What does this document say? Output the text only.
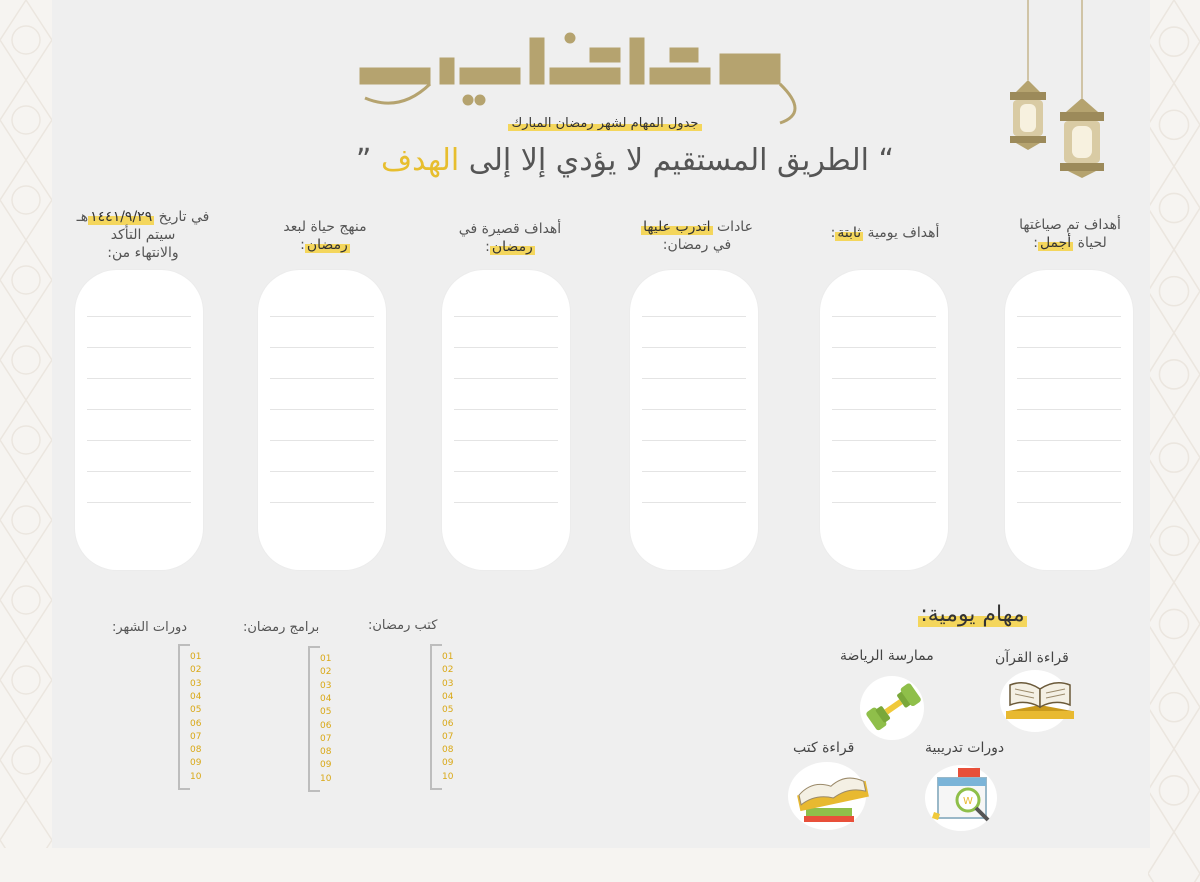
جدول المهام لشهر رمضان المبارك
“ الطريق المستقيم لا يؤدي إلا إلى الهدف ”
أهداف تم صياغتها
لحياة أجمل:
أهداف يومية ثابتة:
عادات اتدرب عليها
في رمضان:
أهداف قصيرة في
رمضان:
منهج حياة لبعد
رمضان:
في تاريخ ١٤٤١/٩/٢٩هـ
سيتم التأكد
والانتهاء من:
كتب رمضان:
برامج رمضان:
دورات الشهر:
01
02
03
04
05
06
07
08
09
10
01
02
03
04
05
06
07
08
09
10
01
02
03
04
05
06
07
08
09
10
مهام يومية:
قراءة القرآن
ممارسة الرياضة
دورات تدريبية
قراءة كتب
W
